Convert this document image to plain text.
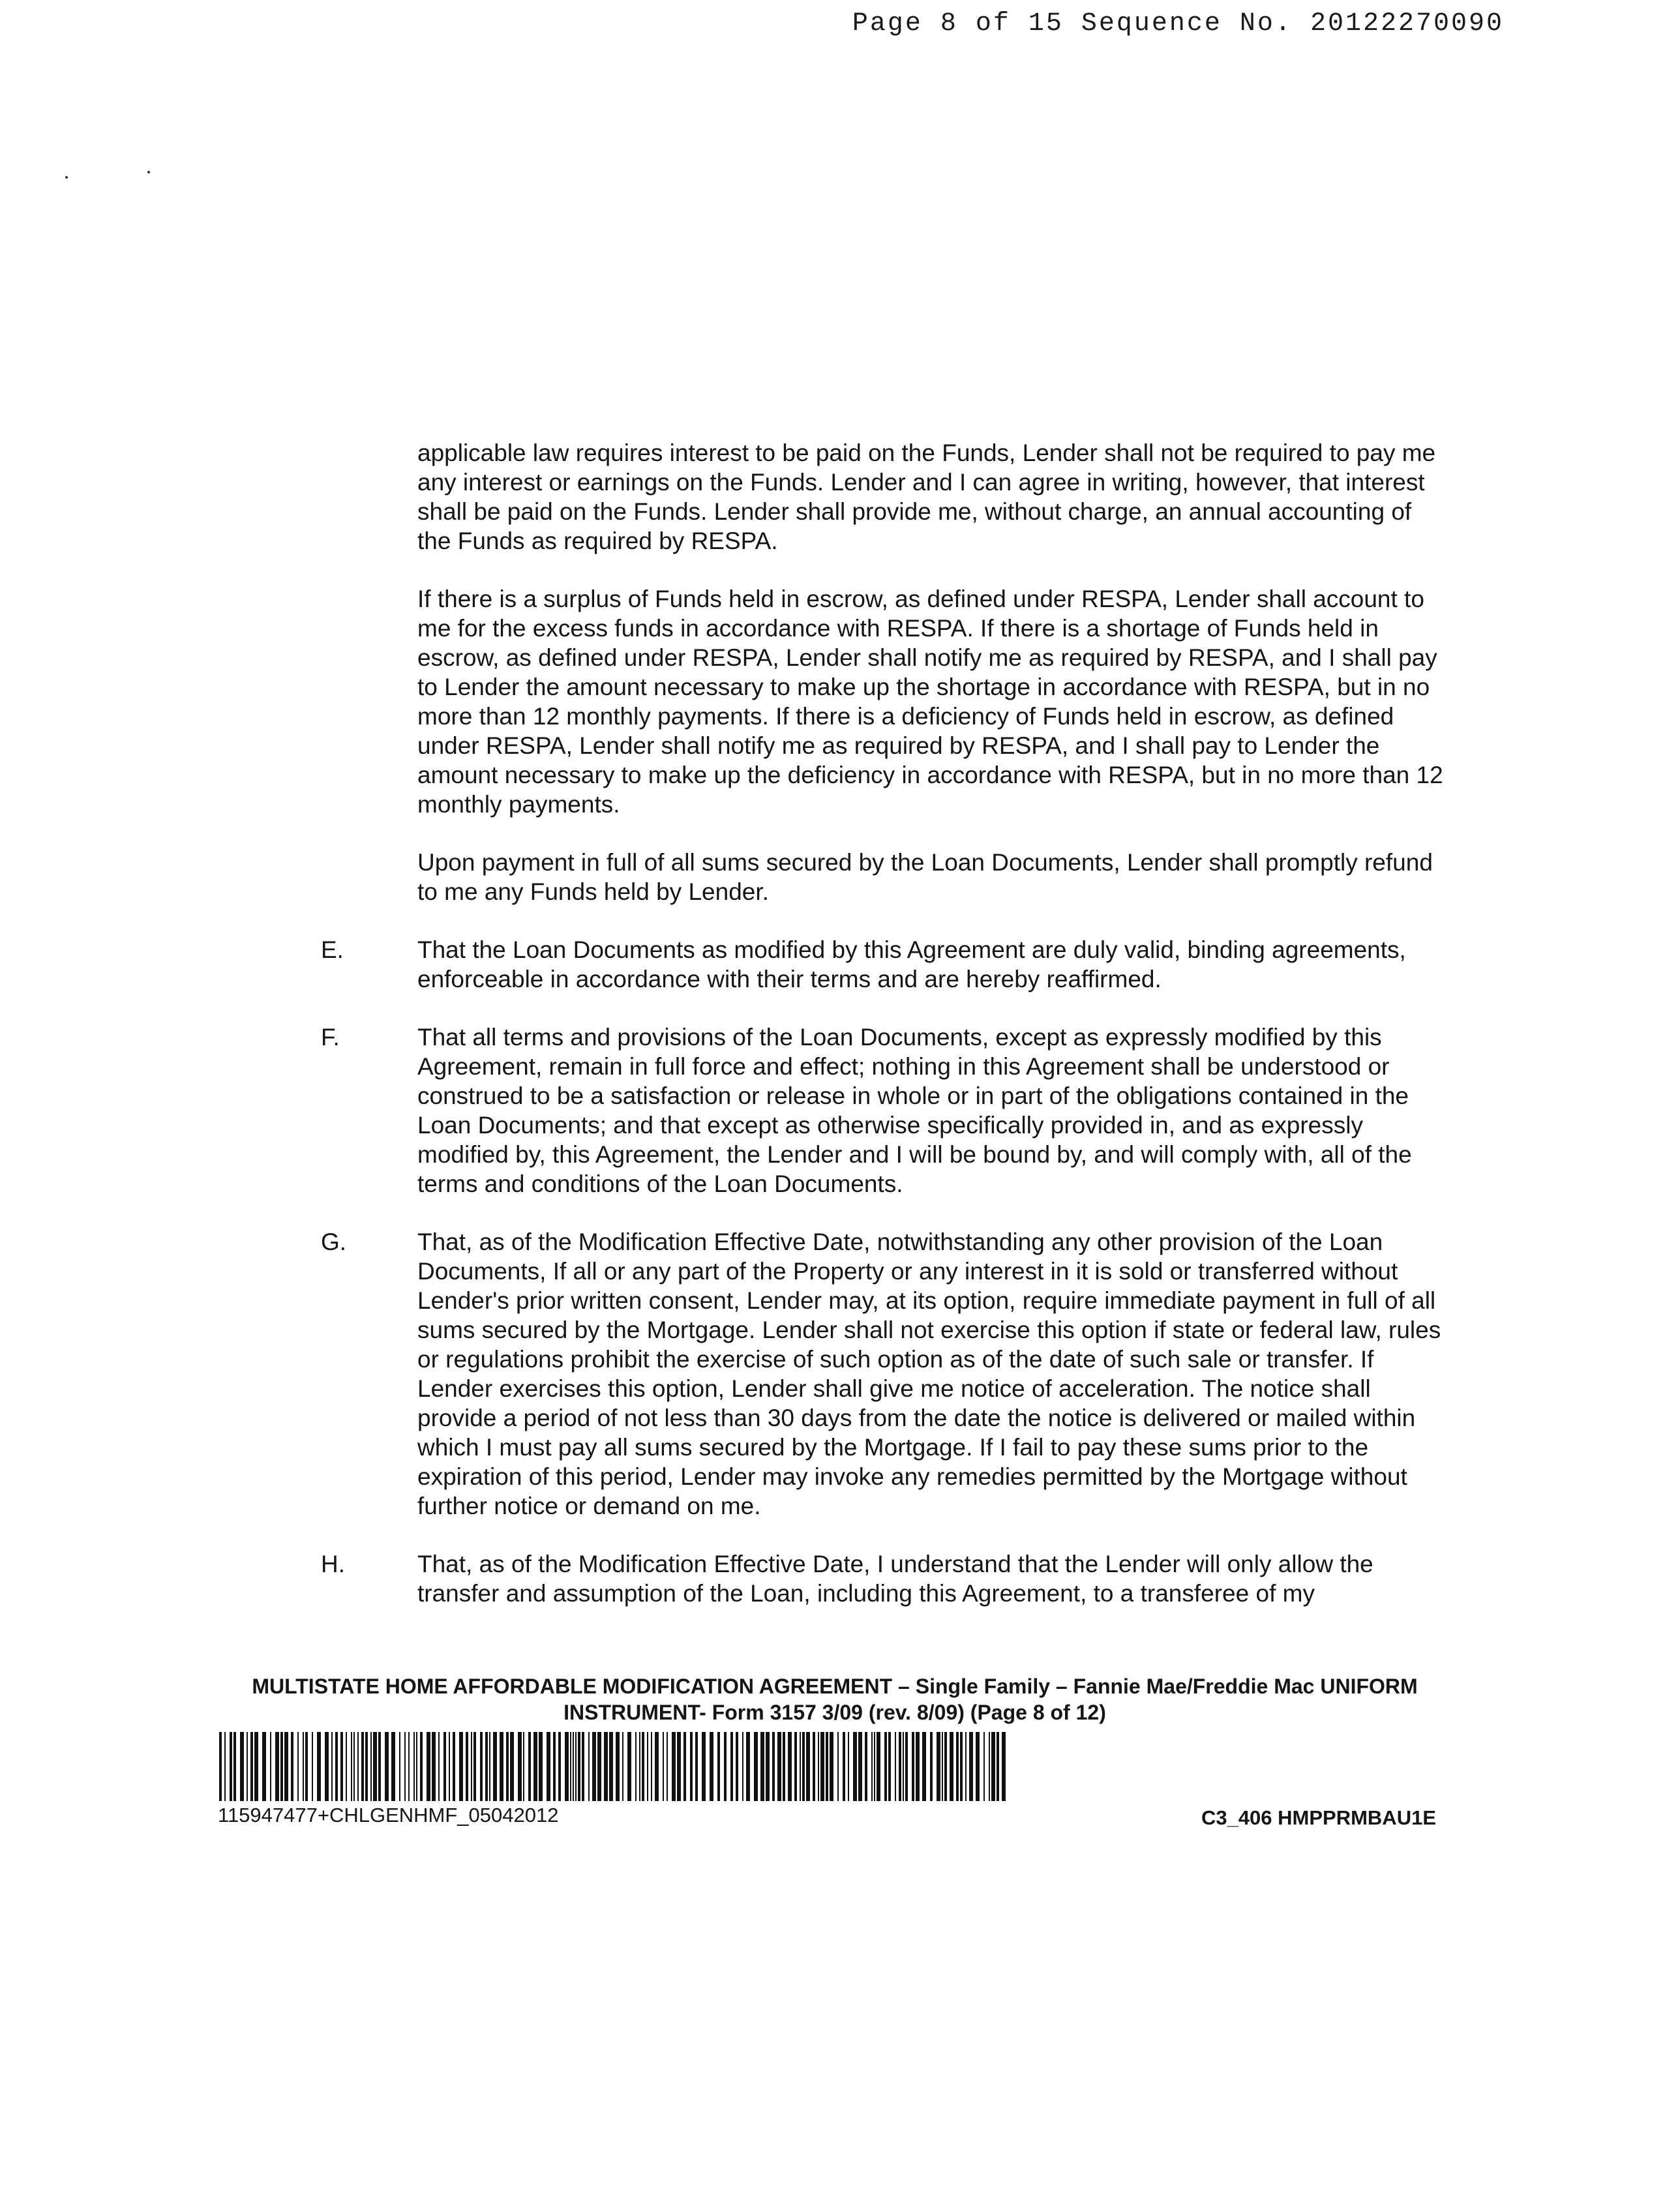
Page 8 of 15 Sequence No. 20122270090

applicable law requires interest to be paid on the Funds, Lender shall not be required to pay me any interest or earnings on the Funds. Lender and I can agree in writing, however, that interest shall be paid on the Funds. Lender shall provide me, without charge, an annual accounting of the Funds as required by RESPA.

If there is a surplus of Funds held in escrow, as defined under RESPA, Lender shall account to me for the excess funds in accordance with RESPA. If there is a shortage of Funds held in escrow, as defined under RESPA, Lender shall notify me as required by RESPA, and I shall pay to Lender the amount necessary to make up the shortage in accordance with RESPA, but in no more than 12 monthly payments. If there is a deficiency of Funds held in escrow, as defined under RESPA, Lender shall notify me as required by RESPA, and I shall pay to Lender the amount necessary to make up the deficiency in accordance with RESPA, but in no more than 12 monthly payments.

Upon payment in full of all sums secured by the Loan Documents, Lender shall promptly refund to me any Funds held by Lender.

E.	That the Loan Documents as modified by this Agreement are duly valid, binding agreements, enforceable in accordance with their terms and are hereby reaffirmed.
F.	That all terms and provisions of the Loan Documents, except as expressly modified by this Agreement, remain in full force and effect; nothing in this Agreement shall be understood or construed to be a satisfaction or release in whole or in part of the obligations contained in the Loan Documents; and that except as otherwise specifically provided in, and as expressly modified by, this Agreement, the Lender and I will be bound by, and will comply with, all of the terms and conditions of the Loan Documents.
G.	That, as of the Modification Effective Date, notwithstanding any other provision of the Loan Documents, If all or any part of the Property or any interest in it is sold or transferred without Lender's prior written consent, Lender may, at its option, require immediate payment in full of all sums secured by the Mortgage. Lender shall not exercise this option if state or federal law, rules or regulations prohibit the exercise of such option as of the date of such sale or transfer. If Lender exercises this option, Lender shall give me notice of acceleration. The notice shall provide a period of not less than 30 days from the date the notice is delivered or mailed within which I must pay all sums secured by the Mortgage. If I fail to pay these sums prior to the expiration of this period, Lender may invoke any remedies permitted by the Mortgage without further notice or demand on me.
H.	That, as of the Modification Effective Date, I understand that the Lender will only allow the transfer and assumption of the Loan, including this Agreement, to a transferee of my
MULTISTATE HOME AFFORDABLE MODIFICATION AGREEMENT – Single Family – Fannie Mae/Freddie Mac UNIFORM
INSTRUMENT- Form 3157 3/09 (rev. 8/09) (Page 8 of 12)
115947477+CHLGENHMF_05042012	C3_406 HMPPRMBAU1E
